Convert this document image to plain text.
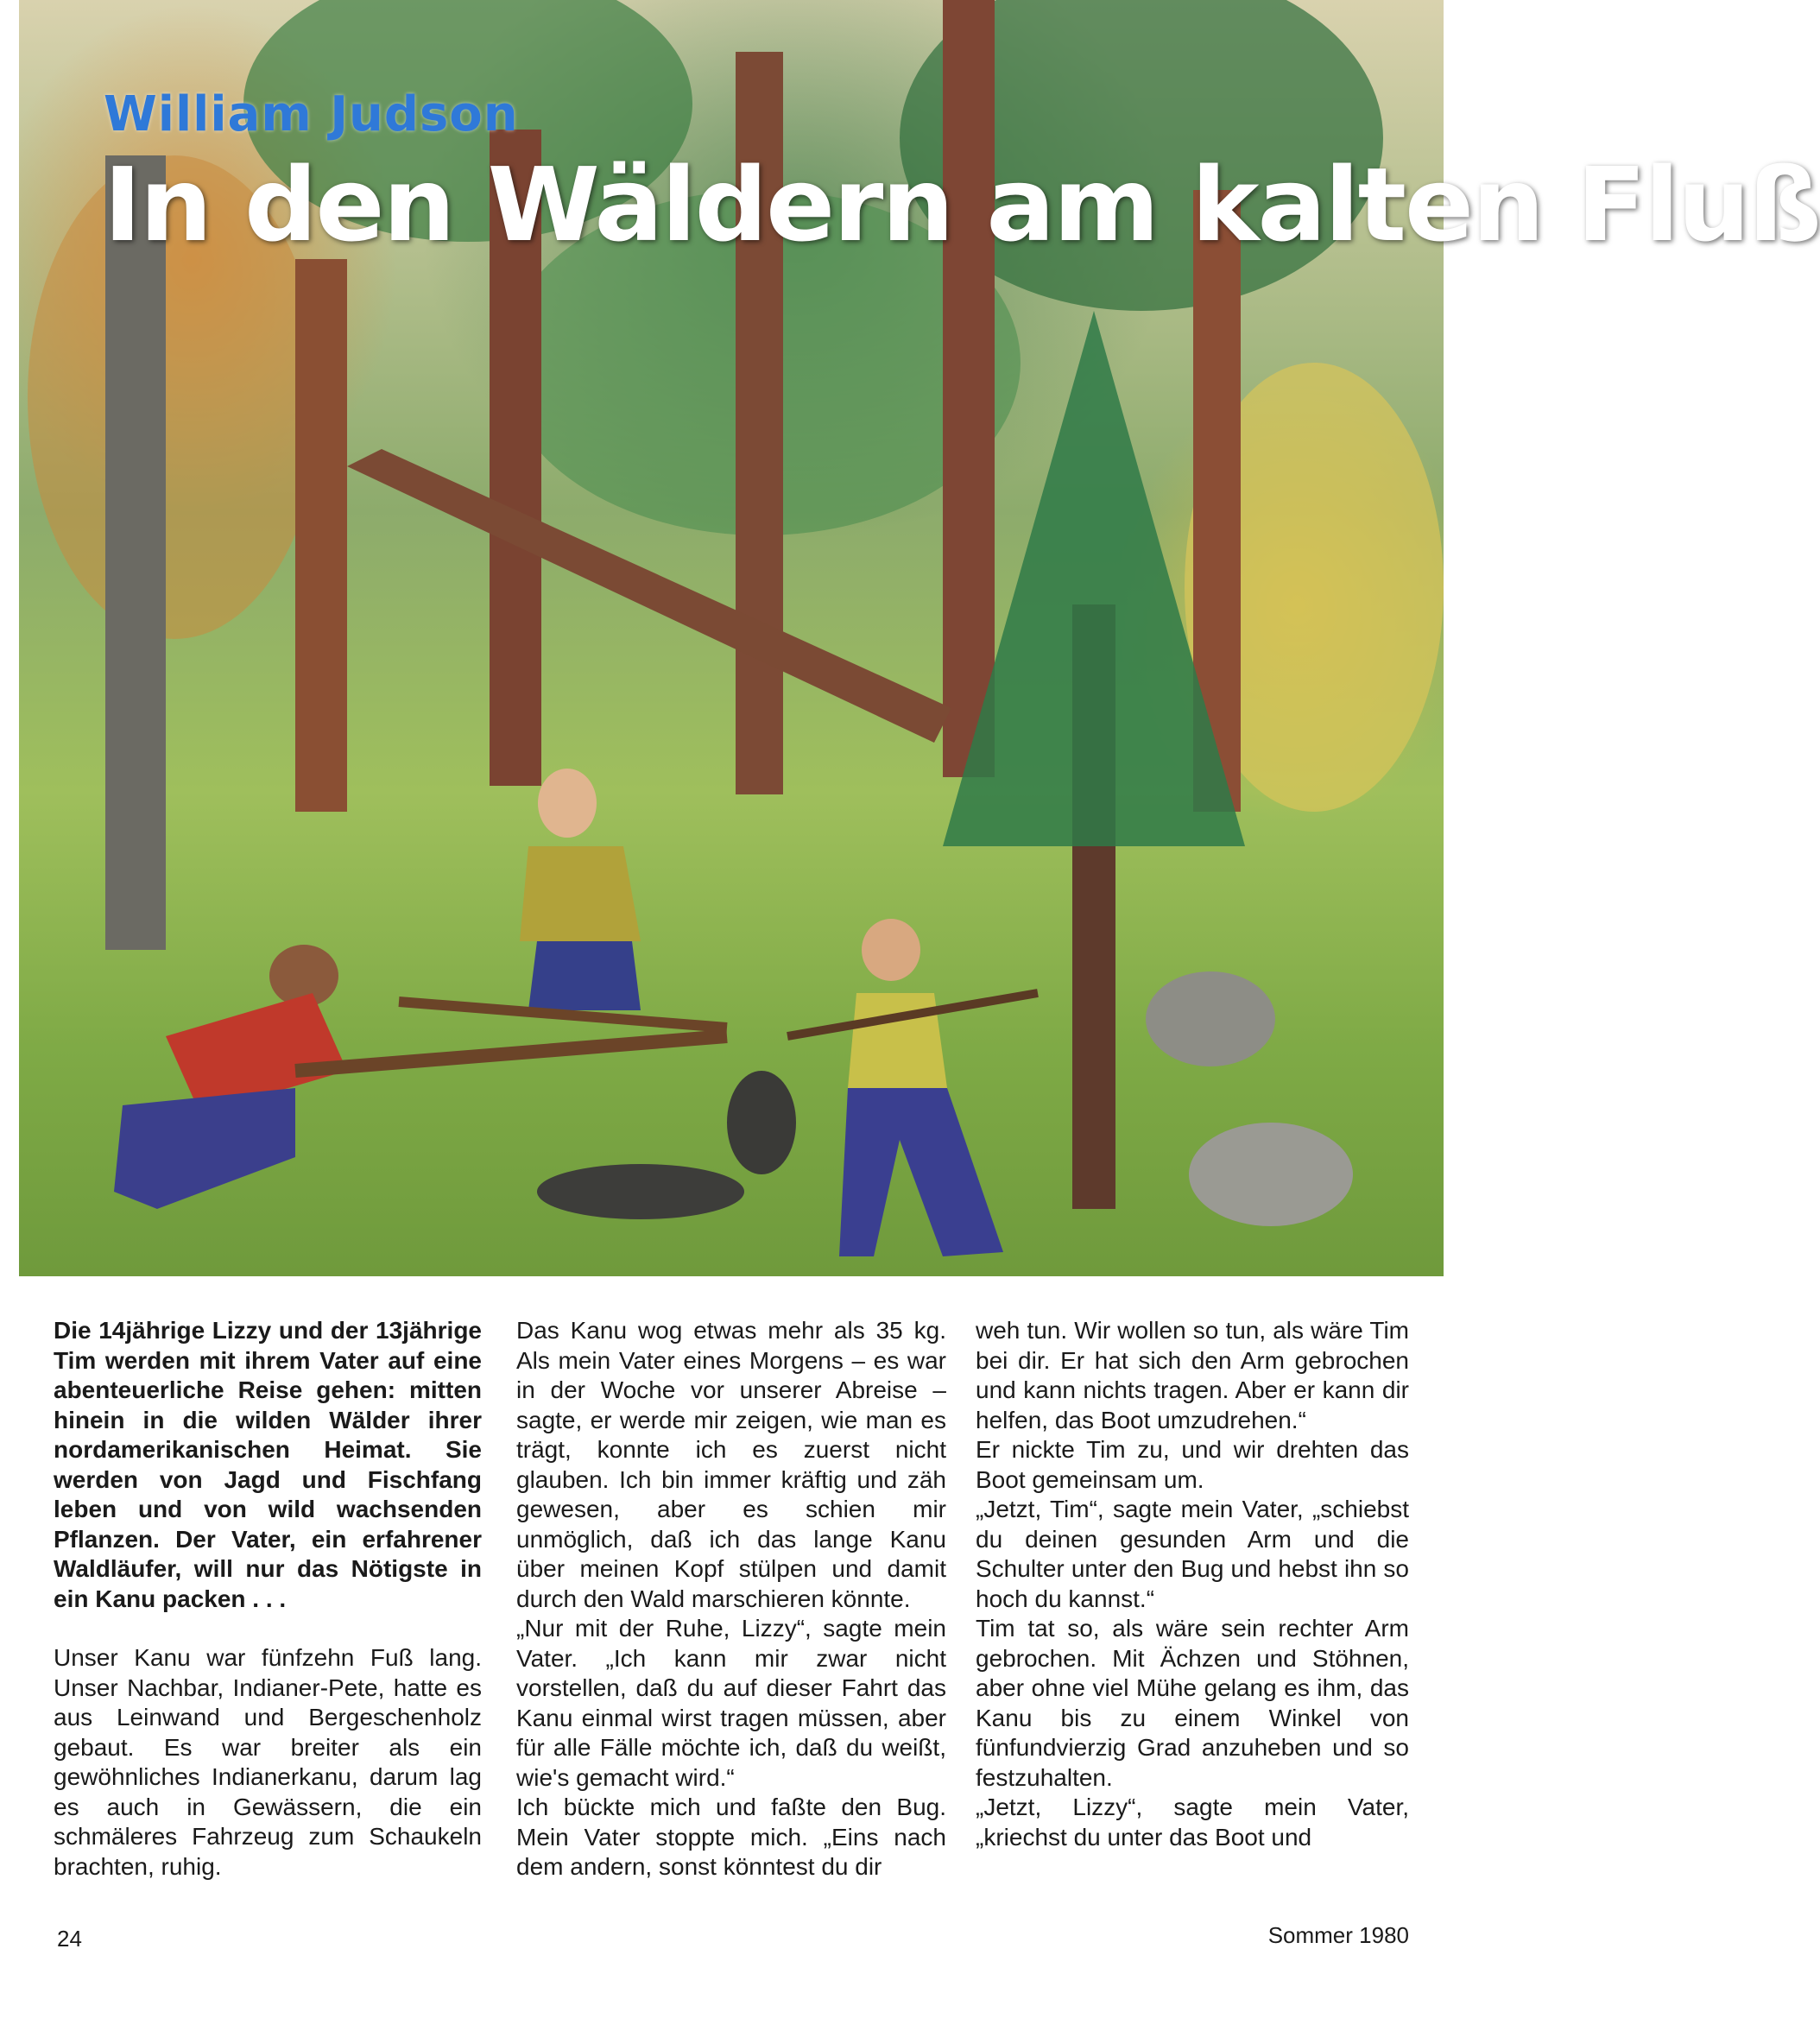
William Judson
In den Wäldern am kalten Fluß

Die 14jährige Lizzy und der 13jährige Tim werden mit ihrem Vater auf eine abenteuerliche Reise gehen: mitten hinein in die wilden Wälder ihrer nordamerikanischen Heimat. Sie werden von Jagd und Fischfang leben und von wild wachsenden Pflanzen. Der Vater, ein erfahrener Waldläufer, will nur das Nötigste in ein Kanu packen . . .

Unser Kanu war fünfzehn Fuß lang. Unser Nachbar, Indianer-Pete, hatte es aus Leinwand und Bergeschenholz gebaut. Es war breiter als ein gewöhnliches Indianerkanu, darum lag es auch in Gewässern, die ein schmäleres Fahrzeug zum Schaukeln brachten, ruhig.

Das Kanu wog etwas mehr als 35 kg. Als mein Vater eines Morgens – es war in der Woche vor unserer Abreise – sagte, er werde mir zeigen, wie man es trägt, konnte ich es zuerst nicht glauben. Ich bin immer kräftig und zäh gewesen, aber es schien mir unmöglich, daß ich das lange Kanu über meinen Kopf stülpen und damit durch den Wald marschieren könnte.

„Nur mit der Ruhe, Lizzy“, sagte mein Vater. „Ich kann mir zwar nicht vorstellen, daß du auf dieser Fahrt das Kanu einmal wirst tragen müssen, aber für alle Fälle möchte ich, daß du weißt, wie's gemacht wird.“

Ich bückte mich und faßte den Bug. Mein Vater stoppte mich. „Eins nach dem andern, sonst könntest du dir

weh tun. Wir wollen so tun, als wäre Tim bei dir. Er hat sich den Arm gebrochen und kann nichts tragen. Aber er kann dir helfen, das Boot umzudrehen.“

Er nickte Tim zu, und wir drehten das Boot gemeinsam um.

„Jetzt, Tim“, sagte mein Vater, „schiebst du deinen gesunden Arm und die Schulter unter den Bug und hebst ihn so hoch du kannst.“

Tim tat so, als wäre sein rechter Arm gebrochen. Mit Ächzen und Stöhnen, aber ohne viel Mühe gelang es ihm, das Kanu bis zu einem Winkel von fünfundvierzig Grad anzuheben und so festzuhalten.

„Jetzt, Lizzy“, sagte mein Vater, „kriechst du unter das Boot und

24	Sommer 1980
